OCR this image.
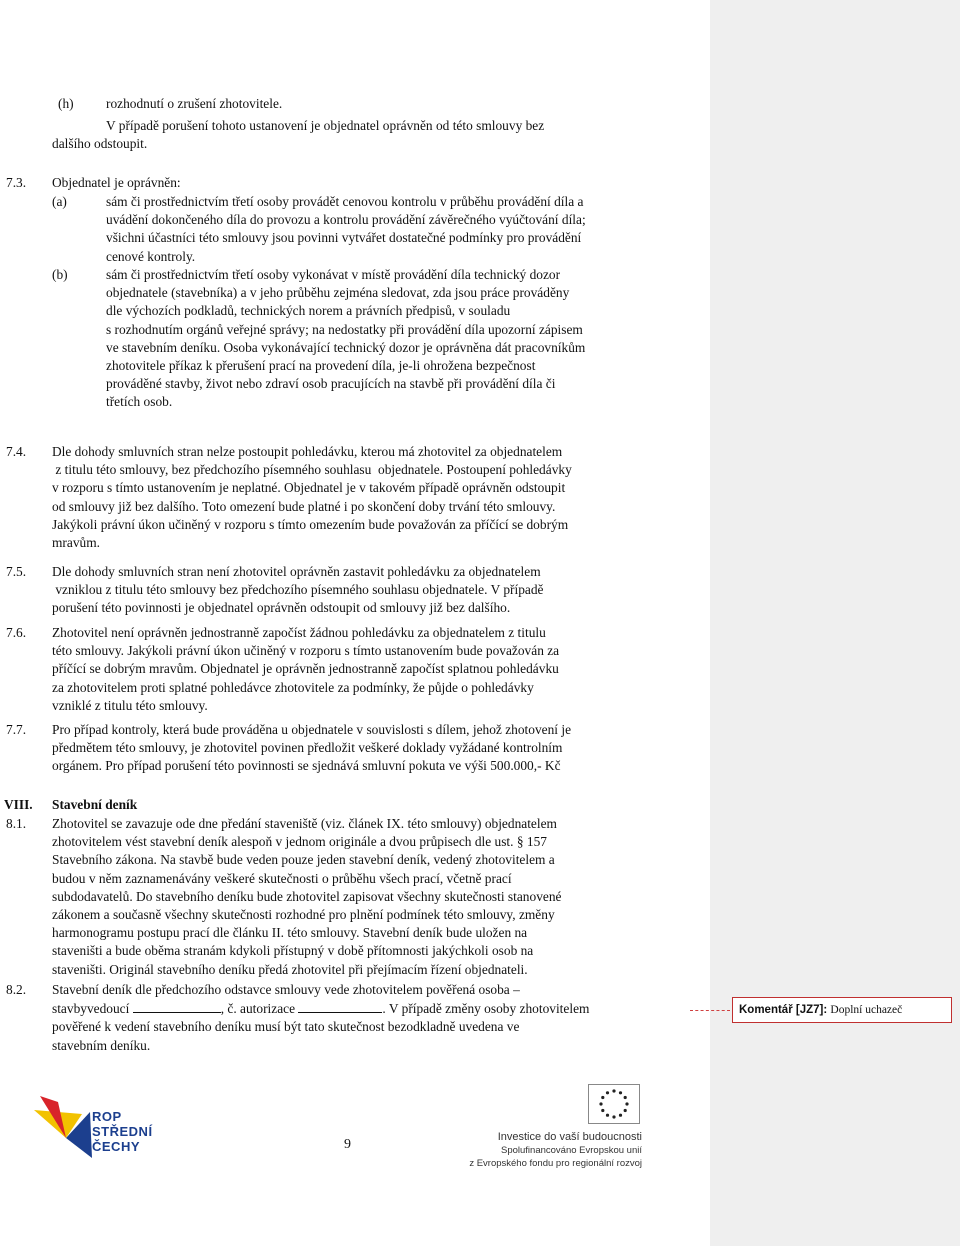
(h) rozhodnutí o zrušení zhotovitele.

V případě porušení tohoto ustanovení je objednatel oprávněn od této smlouvy bez

dalšího odstoupit.
7.3. Objednatel je oprávněn:
(a)	sám či prostřednictvím třetí osoby provádět cenovou kontrolu v průběhu provádění díla a

uvádění dokončeného díla do provozu a kontrolu provádění závěrečného vyúčtování díla;

všichni účastníci této smlouvy jsou povinni vytvářet dostatečné podmínky pro provádění

cenové kontroly.

(b)	sám či prostřednictvím třetí osoby vykonávat v místě provádění díla technický dozor

objednatele (stavebníka) a v jeho průběhu zejména sledovat, zda jsou práce prováděny

dle výchozích podkladů, technických norem a právních předpisů, v souladu

s rozhodnutím orgánů veřejné správy; na nedostatky při provádění díla upozorní zápisem

ve stavebním deníku. Osoba vykonávající technický dozor je oprávněna dát pracovníkům

zhotovitele příkaz k přerušení prací na provedení díla, je-li ohrožena bezpečnost

prováděné stavby, život nebo zdraví osob pracujících na stavbě při provádění díla či

třetích osob.

7.4. Dle dohody smluvních stran nelze postoupit pohledávku, kterou má zhotovitel za objednatelem

z titulu této smlouvy, bez předchozího písemného souhlasu  objednatele. Postoupení pohledávky

v rozporu s tímto ustanovením je neplatné. Objednatel je v takovém případě oprávněn odstoupit

od smlouvy již bez dalšího. Toto omezení bude platné i po skončení doby trvání této smlouvy.

Jakýkoli právní úkon učiněný v rozporu s tímto omezením bude považován za příčící se dobrým

mravům.

7.5. Dle dohody smluvních stran není zhotovitel oprávněn zastavit pohledávku za objednatelem

vzniklou z titulu této smlouvy bez předchozího písemného souhlasu objednatele. V případě

porušení této povinnosti je objednatel oprávněn odstoupit od smlouvy již bez dalšího.

7.6. Zhotovitel není oprávněn jednostranně započíst žádnou pohledávku za objednatelem z titulu

této smlouvy. Jakýkoli právní úkon učiněný v rozporu s tímto ustanovením bude považován za

příčící se dobrým mravům. Objednatel je oprávněn jednostranně započíst splatnou pohledávku

za zhotovitelem proti splatné pohledávce zhotovitele za podmínky, že půjde o pohledávky

vzniklé z titulu této smlouvy.

7.7. Pro případ kontroly, která bude prováděna u objednatele v souvislosti s dílem, jehož zhotovení je

předmětem této smlouvy, je zhotovitel povinen předložit veškeré doklady vyžádané kontrolním

orgánem. Pro případ porušení této povinnosti se sjednává smluvní pokuta ve výši 500.000,- Kč

VIII. Stavební deník
8.1. Zhotovitel se zavazuje ode dne předání staveniště (viz. článek IX. této smlouvy) objednatelem

zhotovitelem vést stavební deník alespoň v jednom originále a dvou průpisech dle ust. § 157

Stavebního zákona. Na stavbě bude veden pouze jeden stavební deník, vedený zhotovitelem a

budou v něm zaznamenávány veškeré skutečnosti o průběhu všech prací, včetně prací

subdodavatelů. Do stavebního deníku bude zhotovitel zapisovat všechny skutečnosti stanovené

zákonem a současně všechny skutečnosti rozhodné pro plnění podmínek této smlouvy, změny

harmonogramu postupu prací dle článku II. této smlouvy. Stavební deník bude uložen na

staveništi a bude oběma stranám kdykoli přístupný v době přítomnosti jakýchkoli osob na

staveništi. Originál stavebního deníku předá zhotovitel při přejímacím řízení objednateli.

8.2. Stavební deník dle předchozího odstavce smlouvy vede zhotovitelem pověřená osoba –

stavbyvedoucí	, č. autorizace	. V případě změny osoby zhotovitelem

pověřené k vedení stavebního deníku musí být tato skutečnost bezodkladně uvedena ve

stavebním deníku.

Komentář [JZ7]: Doplní uchazeč
ROP
STŘEDNÍ
ČECHY	9	Investice do vaší budoucnosti
Spolufinancováno Evropskou unií
z Evropského fondu pro regionální rozvoj
